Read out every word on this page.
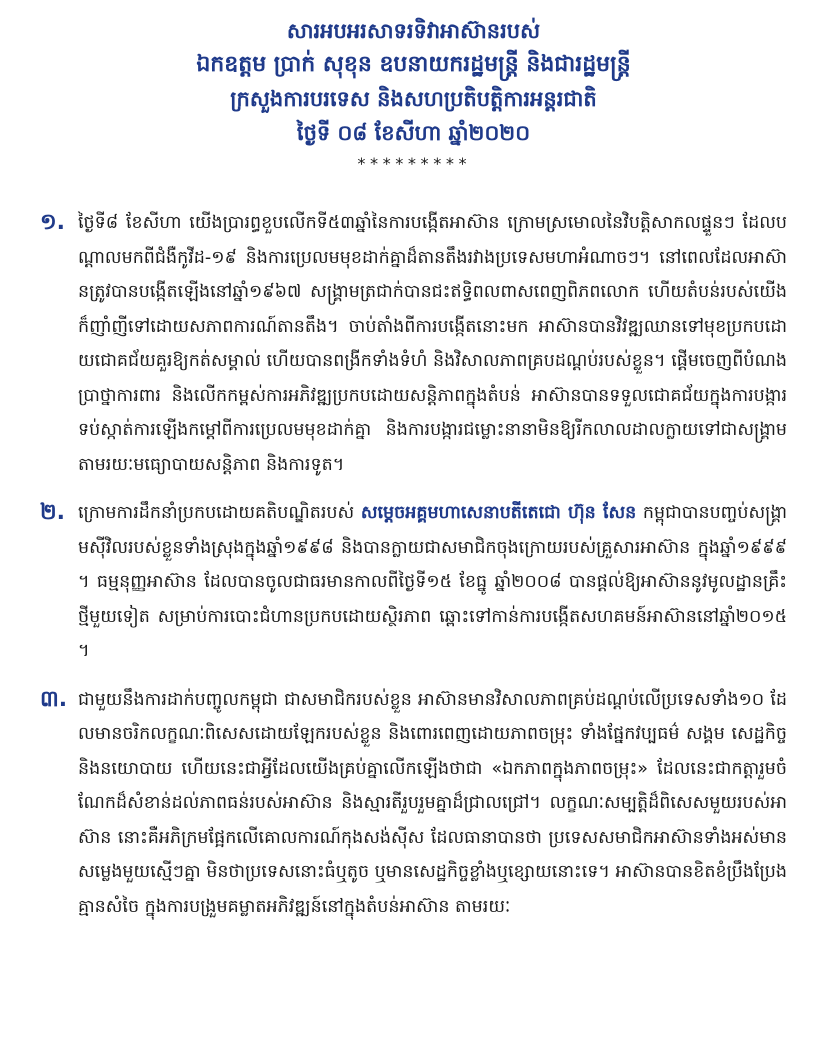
សារអបអរសាទរទិវាអាស៊ានរបស់
ឯកឧត្តម ប្រាក់ សុខុន ឧបនាយករដ្ឋមន្ត្រី និងជារដ្ឋមន្ត្រី
ក្រសួងការបរទេស និងសហប្រតិបត្តិការអន្តរជាតិ
ថ្ងៃទី ០៨ ខែសីហា ឆ្នាំ២០២០
*********
១. ថ្ងៃទី៨ ខែសីហា យើងប្រារព្ធខួបលើកទី៥៣ឆ្នាំនៃការបង្កើតអាស៊ាន ក្រោមស្រមោលនៃវិបត្តិសាកលផ្ទួនៗ ដែលបណ្តាលមកពីជំងឺកូវីដ-១៩ និងការប្រេលមមុខដាក់គ្នាដ៏តានតឹងរវាងប្រទេសមហាអំណាចៗ។ នៅពេលដែលអាស៊ានត្រូវបានបង្កើតឡើងនៅឆ្នាំ១៩៦៧ សង្គ្រាមត្រជាក់បានជះឥទ្ធិពលពាសពេញពិភពលោក ហើយតំបន់របស់យើងក៏ញាំញីទៅដោយសភាពការណ៍តានតឹង។ ចាប់តាំងពីការបង្កើតនោះមក អាស៊ានបានវិវឌ្ឍឈានទៅមុខប្រកបដោយជោគជ័យគួរឱ្យកត់សម្គាល់ ហើយបានពង្រីកទាំងទំហំ និងវិសាលភាពគ្របដណ្តប់របស់ខ្លួន។ ផ្តើមចេញពីបំណងប្រាថ្នាការពារ និងលើកកម្ពស់ការអភិវឌ្ឍប្រកបដោយសន្តិភាពក្នុងតំបន់ អាស៊ានបានទទួលជោគជ័យក្នុងការបង្ការទប់ស្កាត់ការឡើងកម្តៅពីការប្រេលមមុខដាក់គ្នា និងការបង្ការជម្លោះនានាមិនឱ្យរីកលាលដាលក្លាយទៅជាសង្គ្រាម តាមរយៈមធ្យោបាយសន្តិភាព និងការទូត។
២. ក្រោមការដឹកនាំប្រកបដោយគតិបណ្ឌិតរបស់ សម្តេចអគ្គមហាសេនាបតីតេជោ ហ៊ុន សែន កម្ពុជាបានបញ្ចប់សង្គ្រាមស៊ីវិលរបស់ខ្លួនទាំងស្រុងក្នុងឆ្នាំ១៩៩៨ និងបានក្លាយជាសមាជិកចុងក្រោយរបស់គ្រួសារអាស៊ាន ក្នុងឆ្នាំ១៩៩៩។ ធម្មនុញ្ញអាស៊ាន ដែលបានចូលជាធរមានកាលពីថ្ងៃទី១៥ ខែធ្នូ ឆ្នាំ២០០៨ បានផ្តល់ឱ្យអាស៊ាននូវមូលដ្ឋានគ្រឹះថ្មីមួយទៀត សម្រាប់ការបោះជំហានប្រកបដោយស្ថិរភាព ឆ្ពោះទៅកាន់ការបង្កើតសហគមន៍អាស៊ាននៅឆ្នាំ២០១៥។
៣. ជាមួយនឹងការដាក់បញ្ចូលកម្ពុជា ជាសមាជិករបស់ខ្លួន អាស៊ានមានវិសាលភាពគ្រប់ដណ្តប់លើប្រទេសទាំង១០ ដែលមានចរិកលក្ខណៈពិសេសដោយឡែករបស់ខ្លួន និងពោរពេញដោយភាពចម្រុះ ទាំងផ្នែកវប្បធម៌ សង្គម សេដ្ឋកិច្ច និងនយោបាយ ហើយនេះជាអ្វីដែលយើងគ្រប់គ្នាលើកឡើងថាជា «ឯកភាពក្នុងភាពចម្រុះ» ដែលនេះជាកត្តារួមចំណែកដ៏សំខាន់ដល់ភាពធន់របស់អាស៊ាន និងស្មារតីរួបរួមគ្នាដ៏ជ្រាលជ្រៅ។ លក្ខណៈសម្បត្តិដ៏ពិសេសមួយរបស់អាស៊ាន នោះគឺអភិក្រមផ្អែកលើគោលការណ៍កុងសង់ស៊ីស ដែលធានាបានថា ប្រទេសសមាជិកអាស៊ានទាំងអស់មានសម្លេងមួយស្មើៗគ្នា មិនថាប្រទេសនោះធំឬតូច ឬមានសេដ្ឋកិច្ចខ្លាំងឬខ្សោយនោះទេ។ អាស៊ានបានខិតខំប្រឹងប្រែងគ្មានសំចៃ ក្នុងការបង្រួមគម្លាតអភិវឌ្ឍន៍នៅក្នុងតំបន់អាស៊ាន តាមរយៈ
